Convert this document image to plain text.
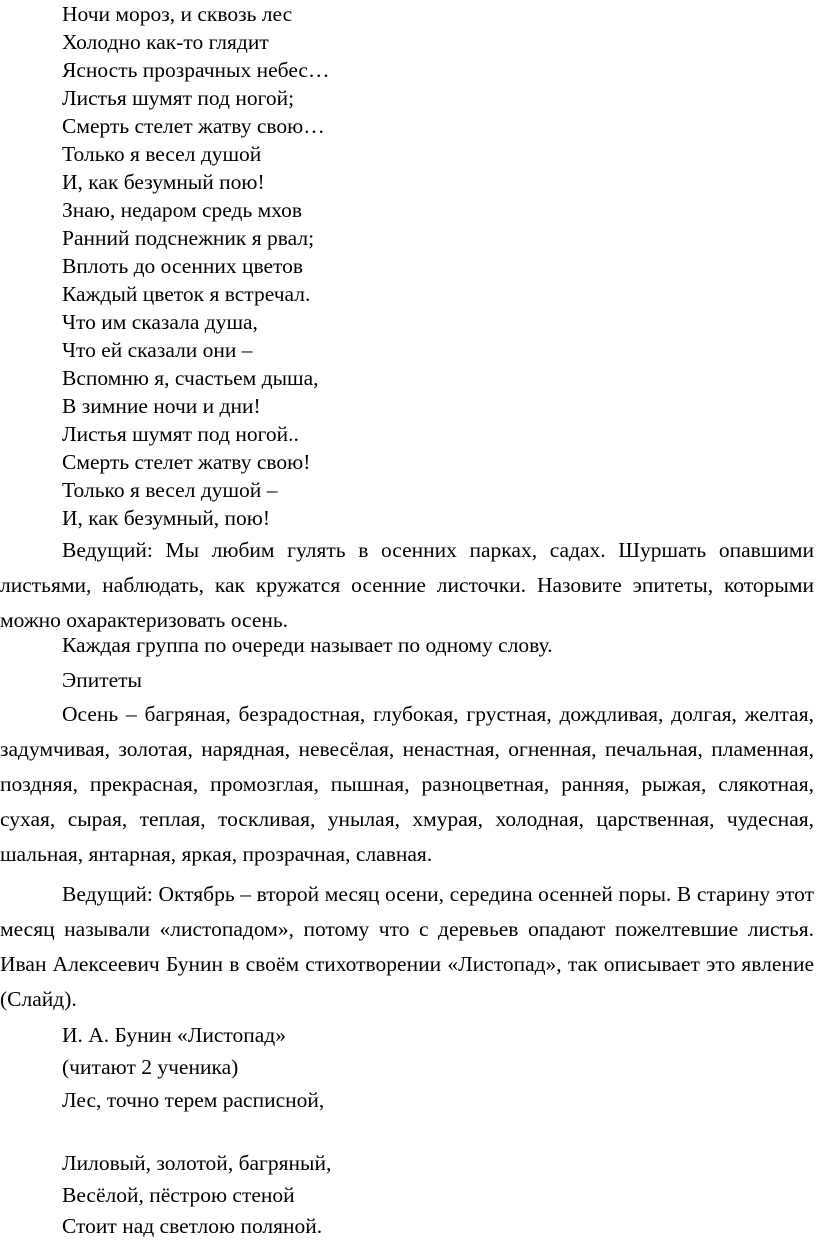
Ночи мороз, и сквозь лес
Холодно как-то глядит
Ясность прозрачных небес…
Листья шумят под ногой;
Смерть стелет жатву свою…
Только я весел душой
И, как безумный пою!
Знаю, недаром средь мхов
Ранний подснежник я рвал;
Вплоть до осенних цветов
Каждый цветок я встречал.
Что им сказала душа,
Что ей сказали они –
Вспомню я, счастьем дыша,
В зимние ночи и дни!
Листья шумят под ногой..
Смерть стелет жатву свою!
Только я весел душой –
И, как безумный, пою!
Ведущий: Мы любим гулять в осенних парках, садах. Шуршать опавшими листьями, наблюдать, как кружатся осенние листочки. Назовите эпитеты, которыми можно охарактеризовать осень.
Каждая группа по очереди называет по одному слову.
Эпитеты
Осень – багряная, безрадостная, глубокая, грустная, дождливая, долгая, желтая, задумчивая, золотая, нарядная, невесёлая, ненастная, огненная, печальная, пламенная, поздняя, прекрасная, промозглая, пышная, разноцветная, ранняя, рыжая, слякотная, сухая, сырая, теплая, тоскливая, унылая, хмурая, холодная, царственная, чудесная, шальная, янтарная, яркая, прозрачная, славная.
Ведущий: Октябрь – второй месяц осени, середина осенней поры. В старину этот месяц называли «листопадом», потому что с деревьев опадают пожелтевшие листья. Иван Алексеевич Бунин в своём стихотворении «Листопад», так описывает это явление (Слайд).
И. А. Бунин «Листопад»
(читают 2 ученика)
Лес, точно терем расписной,
Лиловый, золотой, багряный,
Весёлой, пёстрою стеной
Стоит над светлою поляной.
